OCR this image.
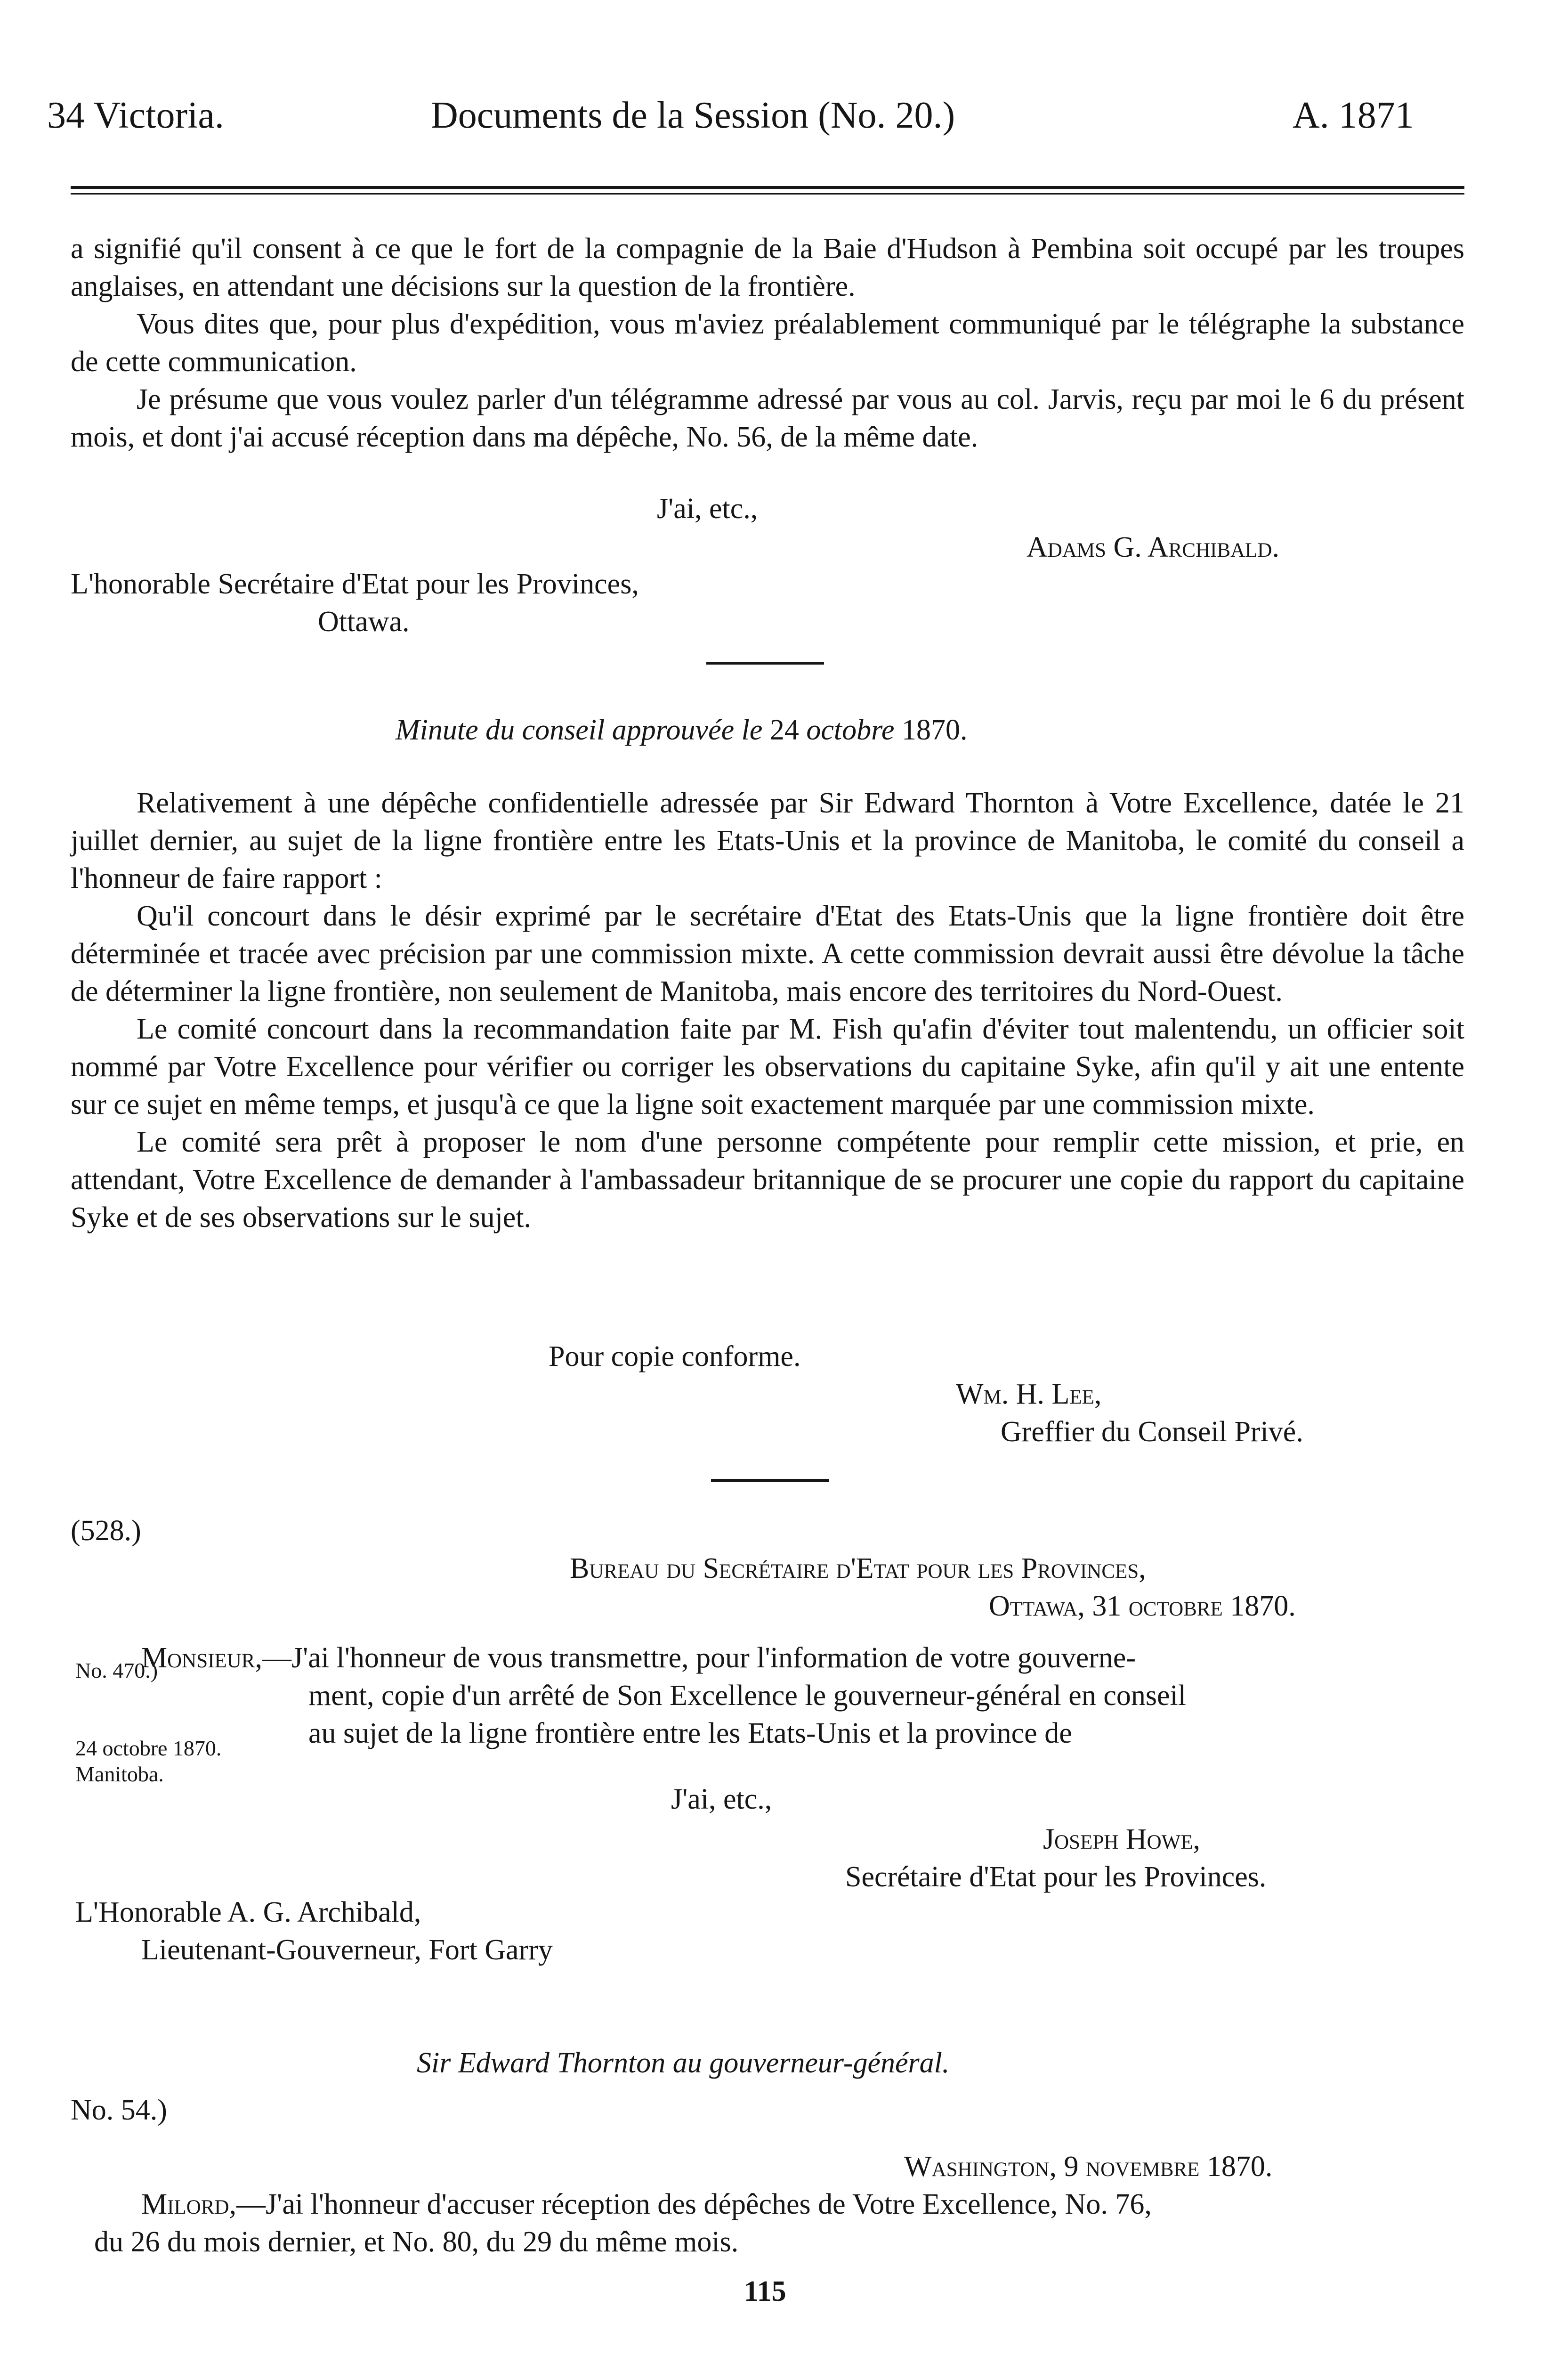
34 Victoria.	Documents de la Session (No. 20.)	A. 1871

a signifié qu'il consent à ce que le fort de la compagnie de la Baie d'Hudson à Pembina soit occupé par les troupes anglaises, en attendant une décisions sur la question de la frontière.

Vous dites que, pour plus d'expédition, vous m'aviez préalablement communiqué par le télégraphe la substance de cette communication.

Je présume que vous voulez parler d'un télégramme adressé par vous au col. Jarvis, reçu par moi le 6 du présent mois, et dont j'ai accusé réception dans ma dépêche, No. 56, de la même date.

J'ai, etc.,
Adams G. Archibald.
L'honorable Secrétaire d'Etat pour les Provinces,
Ottawa.
Minute du conseil approuvée le 24 octobre 1870.

Relativement à une dépêche confidentielle adressée par Sir Edward Thornton à Votre Excellence, datée le 21 juillet dernier, au sujet de la ligne frontière entre les Etats-Unis et la province de Manitoba, le comité du conseil a l'honneur de faire rapport :

Qu'il concourt dans le désir exprimé par le secrétaire d'Etat des Etats-Unis que la ligne frontière doit être déterminée et tracée avec précision par une commission mixte. A cette commission devrait aussi être dévolue la tâche de déterminer la ligne frontière, non seulement de Manitoba, mais encore des territoires du Nord-Ouest.

Le comité concourt dans la recommandation faite par M. Fish qu'afin d'éviter tout malentendu, un officier soit nommé par Votre Excellence pour vérifier ou corriger les observations du capitaine Syke, afin qu'il y ait une entente sur ce sujet en même temps, et jusqu'à ce que la ligne soit exactement marquée par une commission mixte.

Le comité sera prêt à proposer le nom d'une personne compétente pour remplir cette mission, et prie, en attendant, Votre Excellence de demander à l'ambassadeur britannique de se procurer une copie du rapport du capitaine Syke et de ses observations sur le sujet.

Pour copie conforme.
Wm. H. Lee,
Greffier du Conseil Privé.
(528.)
Bureau du Secrétaire d'Etat pour les Provinces,
Ottawa, 31 octobre 1870.
No. 470.)
24 octobre 1870.
Manitoba.
Monsieur,—J'ai l'honneur de vous transmettre, pour l'information de votre gouverne-
ment, copie d'un arrêté de Son Excellence le gouverneur-général en conseil
au sujet de la ligne frontière entre les Etats-Unis et la province de
J'ai, etc.,
Joseph Howe,
Secrétaire d'Etat pour les Provinces.
L'Honorable A. G. Archibald,
Lieutenant-Gouverneur, Fort Garry
Sir Edward Thornton au gouverneur-général.
No. 54.)
Washington, 9 novembre 1870.
Milord,—J'ai l'honneur d'accuser réception des dépêches de Votre Excellence, No. 76,
du 26 du mois dernier, et No. 80, du 29 du même mois.
115
